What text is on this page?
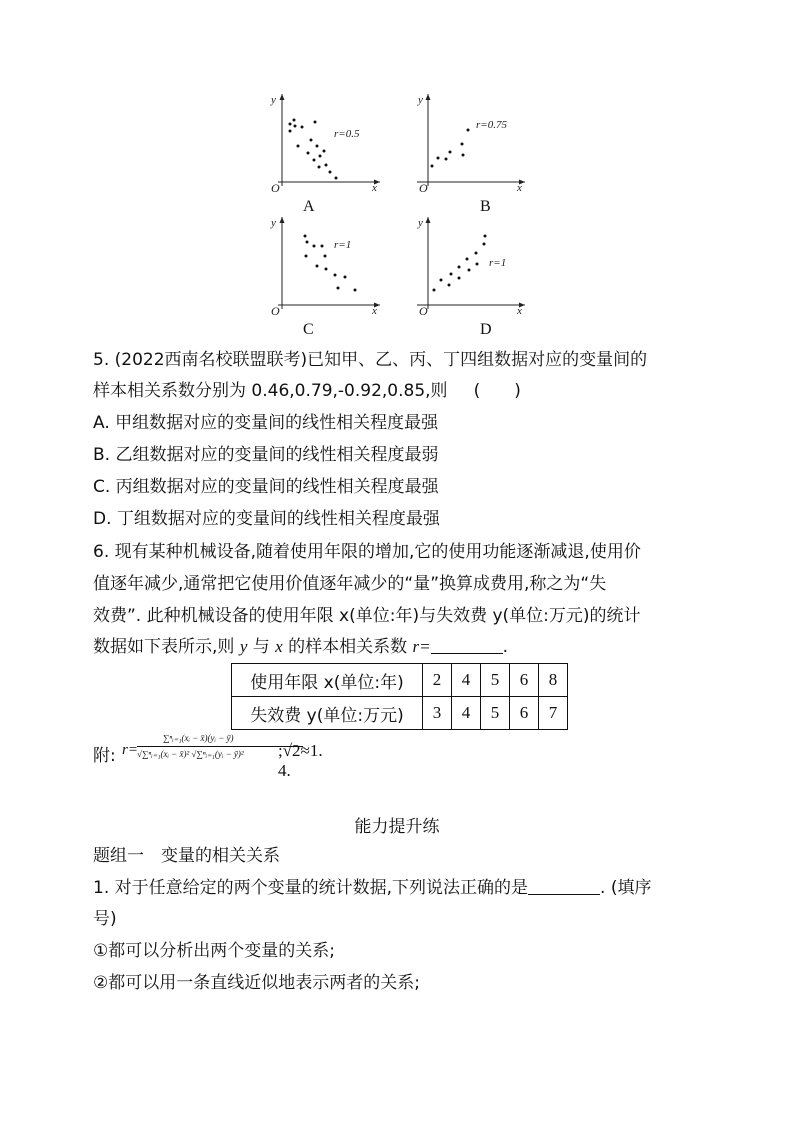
x
y
O
r=0.5
A
x
y
O
r=0.75
B
x
y
O
r=1
C
x
y
O
r=1
D
5. (2022西南名校联盟联考)已知甲、乙、丙、丁四组数据对应的变量间的
样本相关系数分别为 0.46,0.79,-0.92,0.85,则 (　　)
A. 甲组数据对应的变量间的线性相关程度最强
B. 乙组数据对应的变量间的线性相关程度最弱
C. 丙组数据对应的变量间的线性相关程度最强
D. 丁组数据对应的变量间的线性相关程度最强
6. 现有某种机械设备,随着使用年限的增加,它的使用功能逐渐减退,使用价
值逐年减少,通常把它使用价值逐年减少的“量”换算成费用,称之为“失
效费”. 此种机械设备的使用年限 x(单位:年)与失效费 y(单位:万元)的统计
数据如下表所示,则 y 与 x 的样本相关系数 r=	.
使用年限 x(单位:年)	2	4	5	6	8
失效费 y(单位:万元)	3	4	5	6	7
附: r=
∑ⁿᵢ₌₁(xᵢ − x̄)(yᵢ − ȳ)
√∑ⁿᵢ₌₁(xᵢ − x̄)² √∑ⁿᵢ₌₁(yᵢ − ȳ)² ;√2≈1. 4.
能力提升练
题组一　变量的相关关系
1. 对于任意给定的两个变量的统计数据,下列说法正确的是	. (填序
号)
①都可以分析出两个变量的关系;
②都可以用一条直线近似地表示两者的关系;
